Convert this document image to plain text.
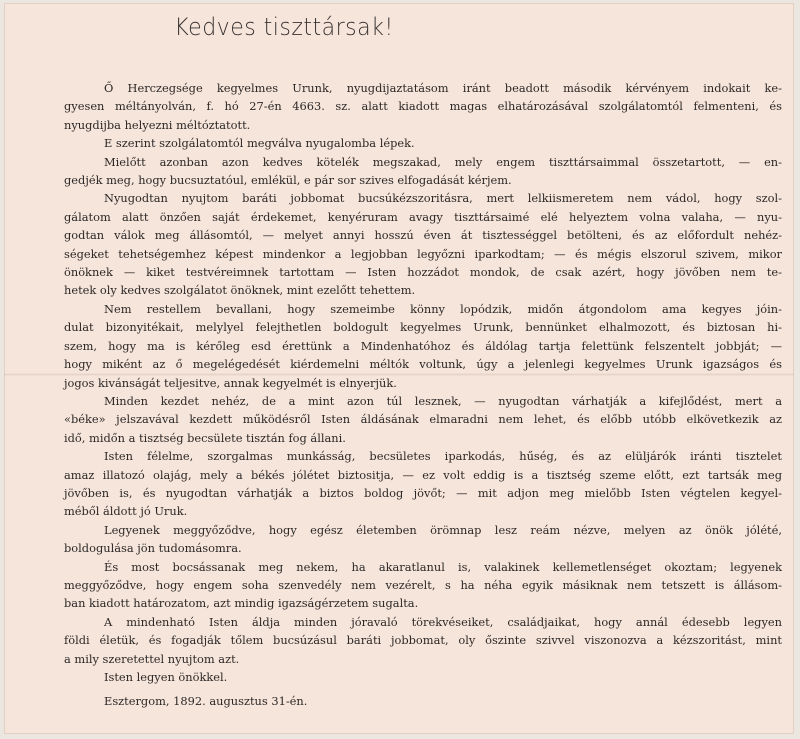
Kedves tiszttársak!
Ő Herczegsége kegyelmes Urunk, nyugdijaztatásom iránt beadott második kérvényem indokait ke-
gyesen méltányolván, f. hó 27-én 4663. sz. alatt kiadott magas elhatározásával szolgálatomtól felmenteni, és
nyugdijba helyezni méltóztatott.
E szerint szolgálatomtól megválva nyugalomba lépek.
Mielőtt azonban azon kedves kötelék megszakad, mely engem tiszttársaimmal összetartott, — en-
gedjék meg, hogy bucsuztatóul, emlékül, e pár sor szives elfogadását kérjem.
Nyugodtan nyujtom baráti jobbomat bucsúkézszoritásra, mert lelkiismeretem nem vádol, hogy szol-
gálatom alatt önzően saját érdekemet, kenyéruram avagy tiszttársaimé elé helyeztem volna valaha, — nyu-
godtan válok meg állásomtól, — melyet annyi hosszú éven át tisztességgel betölteni, és az előfordult nehéz-
ségeket tehetségemhez képest mindenkor a legjobban legyőzni iparkodtam; — és mégis elszorul szivem, mikor
önöknek — kiket testvéreimnek tartottam — Isten hozzádot mondok, de csak azért, hogy jövőben nem te-
hetek oly kedves szolgálatot önöknek, mint ezelőtt tehettem.
Nem restellem bevallani, hogy szemeimbe könny lopódzik, midőn átgondolom ama kegyes jóin-
dulat bizonyitékait, melylyel felejthetlen boldogult kegyelmes Urunk, bennünket elhalmozott, és biztosan hi-
szem, hogy ma is kérőleg esd érettünk a Mindenhatóhoz és áldólag tartja felettünk felszentelt jobbját; —
hogy miként az ő megelégedését kiérdemelni méltók voltunk, úgy a jelenlegi kegyelmes Urunk igazságos és
jogos kivánságát teljesitve, annak kegyelmét is elnyerjük.
Minden kezdet nehéz, de a mint azon túl lesznek, — nyugodtan várhatják a kifejlődést, mert a
«béke» jelszavával kezdett működésről Isten áldásának elmaradni nem lehet, és előbb utóbb elkövetkezik az
idő, midőn a tisztség becsülete tisztán fog állani.
Isten félelme, szorgalmas munkásság, becsületes iparkodás, hűség, és az elüljárók iránti tisztelet
amaz illatozó olajág, mely a békés jólétet biztositja, — ez volt eddig is a tisztség szeme előtt, ezt tartsák meg
jövőben is, és nyugodtan várhatják a biztos boldog jövőt; — mit adjon meg mielőbb Isten végtelen kegyel-
méből áldott jó Uruk.
Legyenek meggyőződve, hogy egész életemben örömnap lesz reám nézve, melyen az önök jólété,
boldogulása jön tudomásomra.
És most bocsássanak meg nekem, ha akaratlanul is, valakinek kellemetlenséget okoztam; legyenek
meggyőződve, hogy engem soha szenvedély nem vezérelt, s ha néha egyik másiknak nem tetszett is állásom-
ban kiadott határozatom, azt mindig igazságérzetem sugalta.
A mindenható Isten áldja minden jóravaló törekvéseiket, családjaikat, hogy annál édesebb legyen
földi életük, és fogadják tőlem bucsúzásul baráti jobbomat, oly őszinte szivvel viszonozva a kézszoritást, mint
a mily szeretettel nyujtom azt.
Isten legyen önökkel.
Esztergom, 1892. augusztus 31-én.
